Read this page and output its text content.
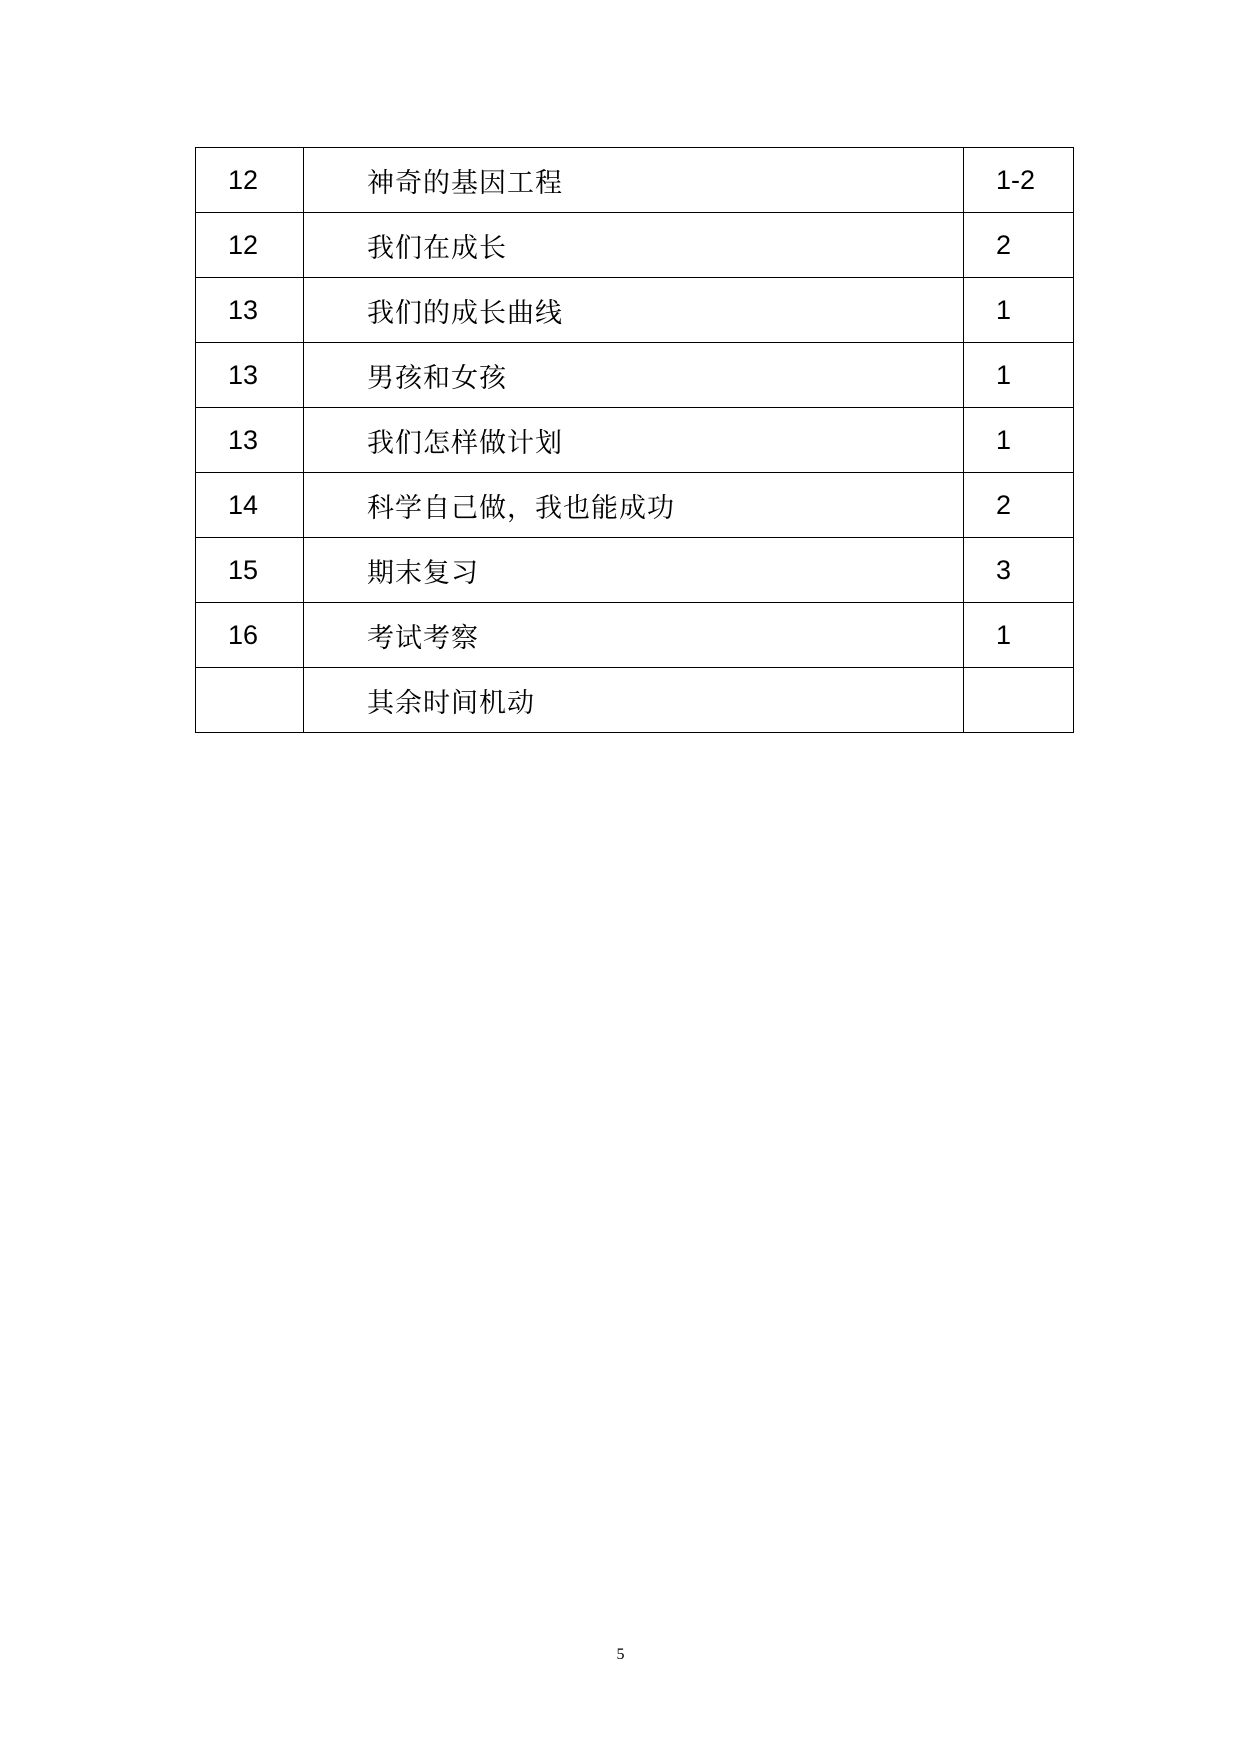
12	神奇的基因工程	1-2
12	我们在成长	2
13	我们的成长曲线	1
13	男孩和女孩	1
13	我们怎样做计划	1
14	科学自己做，我也能成功	2
15	期末复习	3
16	考试考察	1
	其余时间机动	
5
